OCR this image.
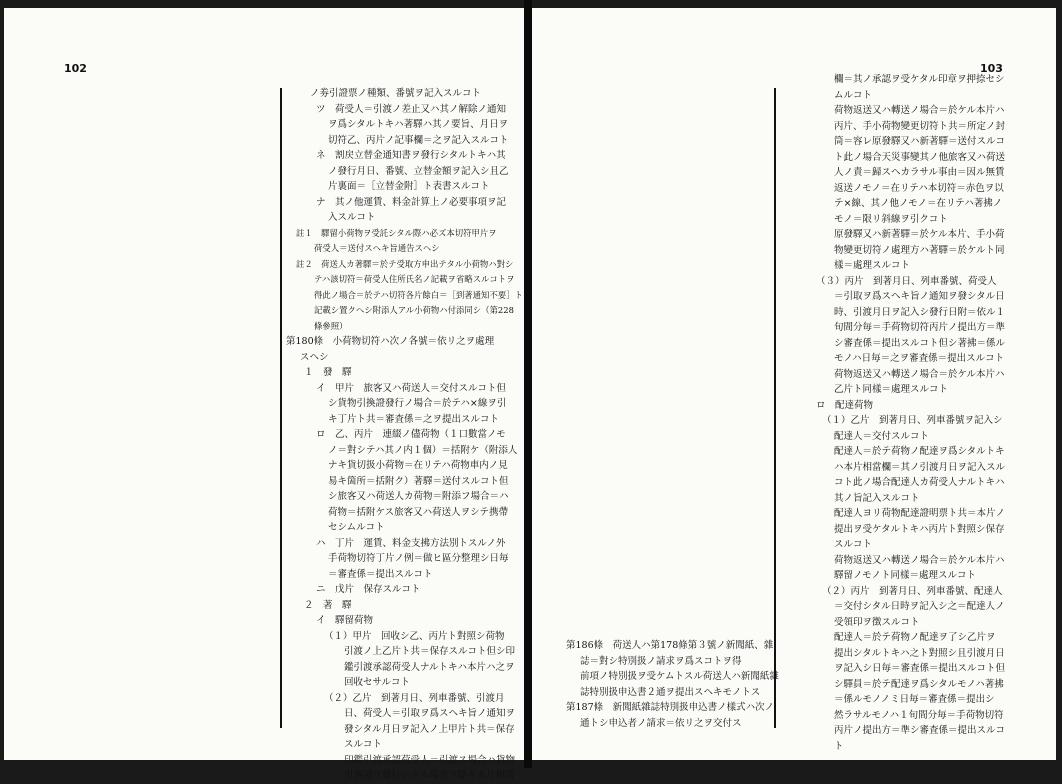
102
ノ劵引證票ノ種類、番號ヲ記入スルコト
ツ　荷受人＝引渡ノ差止又ハ其ノ解除ノ通知
ヲ爲シタルトキハ著驛ハ其ノ要旨、月日ヲ
切符乙、丙片ノ記事欄＝之ヲ記入スルコト
ネ　割戻立替金通知書ヲ發行シタルトキハ其
ノ發行月日、番號、立替金額ヲ記入シ且乙
片裏面＝［立替金附］ト表書スルコト
ナ　其ノ他運賃、料金計算上ノ必要事項ヲ記
入スルコト
註１　驛留小荷物ヲ受託シタル際ハ必ズ本切符甲片ヲ
荷受人＝送付スヘキ旨通告スヘシ
註２　荷送人カ著驛＝於テ受取方申出テタル小荷物ハ對シ
テハ該切符＝荷受人住所氏名ノ記載ヲ省略スルコトヲ
得此ノ場合＝於テハ切符各片餘白＝［到著通知不要］ト
記載シ置クヘシ附添人アル小荷物ハ付添同シ（第228
條參照）
第180條　小荷物切符ハ次ノ各號＝依リ之ヲ處理
スヘシ
１　發　驛
イ　甲片　旅客又ハ荷送人＝交付スルコト但
シ貨物引換證發行ノ場合＝於テハ×線ヲ引
キ丁片ト共＝審査係＝之ヲ提出スルコト
ロ　乙、丙片　連綴ノ儘荷物（１口數當ノモ
ノ＝對シテハ其ノ内１個）＝括附ケ（附添人
ナキ貨切扱小荷物＝在リテハ荷物車内ノ見
易キ箇所＝括附ク）著驛＝送付スルコト但
シ旅客又ハ荷送人カ荷物＝附添フ場合＝ハ
荷物＝括附ケス旅客又ハ荷送人ヲシテ携帶
セシムルコト
ハ　丁片　運賃、料金支拂方法別トスルノ外
手荷物切符丁片ノ例＝做ヒ區分整理シ日毎
＝審査係＝提出スルコト
ニ　戊片　保存スルコト
２　著　驛
イ　驛留荷物
（１）甲片　回收シ乙、丙片ト對照シ荷物
引渡ノ上乙片ト共＝保存スルコト但シ印
鑑引渡承認荷受人ナルトキハ本片ハ之ヲ
回收セサルコト
（２）乙片　到著月日、列車番號、引渡月
日、荷受人＝引取ヲ爲スヘキ旨ノ通知ヲ
發シタル月日ヲ記入ノ上甲片ト共＝保存
スルコト
印鑑引渡承認荷受人＝引渡ス場合ハ貨物
引換證ヲ發行シタル場合ヲ除キ本片相當
103
欄＝其ノ承認ヲ受ケタル印章ヲ押捺セシ
ムルコト
荷物返送又ハ轉送ノ場合＝於ケル本片ハ
丙片、手小荷物變更切符ト共＝所定ノ封
筒＝容レ原發驛又ハ新著驛＝送付スルコ
ト此ノ場合天災事變其ノ他旅客又ハ荷送
人ノ責＝歸スヘカラサル事由＝因ル無賃
返送ノモノ＝在リテハ本切符＝赤色ヲ以
テ×線、其ノ他ノモノ＝在リテハ著拂ノ
モノ＝限リ斜線ヲ引クコト
原發驛又ハ新著驛＝於ケル本片、手小荷
物變更切符ノ處理方ハ著驛＝於ケルト同
樣＝處理スルコト
（３）丙片　到著月日、列車番號、荷受人
＝引取ヲ爲スヘキ旨ノ通知ヲ發シタル日
時、引渡月日ヲ記入シ發行日附＝依ル１
旬間分毎＝手荷物切符丙片ノ提出方＝準
シ審査係＝提出スルコト但シ著拂＝係ル
モノハ日毎＝之ヲ審査係＝提出スルコト
荷物返送又ハ轉送ノ場合＝於ケル本片ハ
乙片ト同樣＝處理スルコト
ロ　配達荷物
（１）乙片　到著月日、列車番號ヲ記入シ
配達人＝交付スルコト
配達人＝於テ荷物ノ配達ヲ爲シタルトキ
ハ本片相當欄＝其ノ引渡月日ヲ記入スル
コト此ノ場合配達人カ荷受人ナルトキハ
其ノ旨記入スルコト
配達人ヨリ荷物配達證明票ト共＝本片ノ
提出ヲ受ケタルトキハ丙片ト對照シ保存
スルコト
荷物返送又ハ轉送ノ場合＝於ケル本片ハ
驛留ノモノト同樣＝處理スルコト
（２）丙片　到著月日、列車番號、配達人
＝交付シタル日時ヲ記入シ之＝配達人ノ
受領印ヲ徴スルコト
配達人＝於テ荷物ノ配達ヲ了シ乙片ヲ
提出シタルトキハ之ト對照シ且引渡月日
ヲ記入シ日毎＝審査係＝提出スルコト但
シ驛員＝於テ配達ヲ爲シタルモノハ著拂
＝係ルモノノミ日毎＝審査係＝提出シ
然ラサルモノハ１旬間分毎＝手荷物切符
丙片ノ提出方＝準シ審査係＝提出スルコ
ト
第186條　荷送人ハ第178條第３號ノ新聞紙、雜
誌＝對シ特別扱ノ請求ヲ爲スコトヲ得
前項ノ特別扱ヲ受ケムトスル荷送人ハ新聞紙雜
誌特別扱申込書２通ヲ提出スヘキモノトス
第187條　新聞紙雜誌特別扱申込書ノ樣式ハ次ノ
通トシ申込者ノ請求＝依リ之ヲ交付ス
